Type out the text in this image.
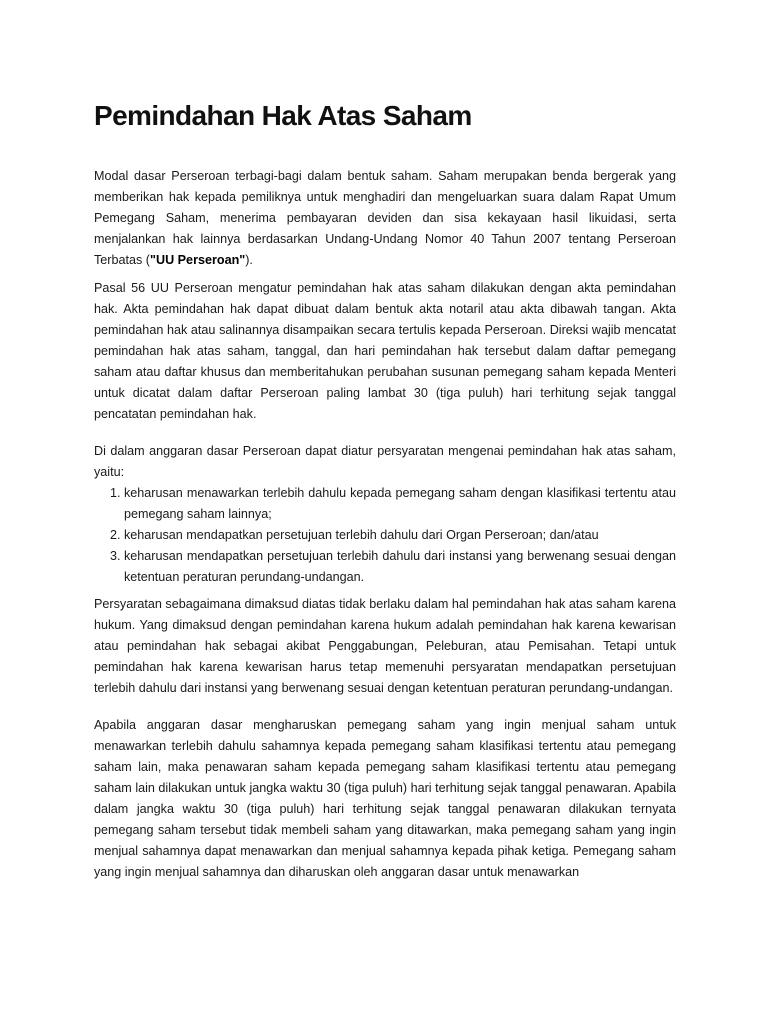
Pemindahan Hak Atas Saham

Modal dasar Perseroan terbagi-bagi dalam bentuk saham. Saham merupakan benda bergerak yang memberikan hak kepada pemiliknya untuk menghadiri dan mengeluarkan suara dalam Rapat Umum Pemegang Saham, menerima pembayaran deviden dan sisa kekayaan hasil likuidasi, serta menjalankan hak lainnya berdasarkan Undang-Undang Nomor 40 Tahun 2007 tentang Perseroan Terbatas ("UU Perseroan").

Pasal 56 UU Perseroan mengatur pemindahan hak atas saham dilakukan dengan akta pemindahan hak. Akta pemindahan hak dapat dibuat dalam bentuk akta notaril atau akta dibawah tangan. Akta pemindahan hak atau salinannya disampaikan secara tertulis kepada Perseroan. Direksi wajib mencatat pemindahan hak atas saham, tanggal, dan hari pemindahan hak tersebut dalam daftar pemegang saham atau daftar khusus dan memberitahukan perubahan susunan pemegang saham kepada Menteri untuk dicatat dalam daftar Perseroan paling lambat 30 (tiga puluh) hari terhitung sejak tanggal pencatatan pemindahan hak.

Di dalam anggaran dasar Perseroan dapat diatur persyaratan mengenai pemindahan hak atas saham, yaitu:

1. keharusan menawarkan terlebih dahulu kepada pemegang saham dengan klasifikasi tertentu atau pemegang saham lainnya;
2. keharusan mendapatkan persetujuan terlebih dahulu dari Organ Perseroan; dan/atau
3. keharusan mendapatkan persetujuan terlebih dahulu dari instansi yang berwenang sesuai dengan ketentuan peraturan perundang-undangan.

Persyaratan sebagaimana dimaksud diatas tidak berlaku dalam hal pemindahan hak atas saham karena hukum. Yang dimaksud dengan pemindahan karena hukum adalah pemindahan hak karena kewarisan atau pemindahan hak sebagai akibat Penggabungan, Peleburan, atau Pemisahan. Tetapi untuk pemindahan hak karena kewarisan harus tetap memenuhi persyaratan mendapatkan persetujuan terlebih dahulu dari instansi yang berwenang sesuai dengan ketentuan peraturan perundang-undangan.

Apabila anggaran dasar mengharuskan pemegang saham yang ingin menjual saham untuk menawarkan terlebih dahulu sahamnya kepada pemegang saham klasifikasi tertentu atau pemegang saham lain, maka penawaran saham kepada pemegang saham klasifikasi tertentu atau pemegang saham lain dilakukan untuk jangka waktu 30 (tiga puluh) hari terhitung sejak tanggal penawaran. Apabila dalam jangka waktu 30 (tiga puluh) hari terhitung sejak tanggal penawaran dilakukan ternyata pemegang saham tersebut tidak membeli saham yang ditawarkan, maka pemegang saham yang ingin menjual sahamnya dapat menawarkan dan menjual sahamnya kepada pihak ketiga. Pemegang saham yang ingin menjual sahamnya dan diharuskan oleh anggaran dasar untuk menawarkan
